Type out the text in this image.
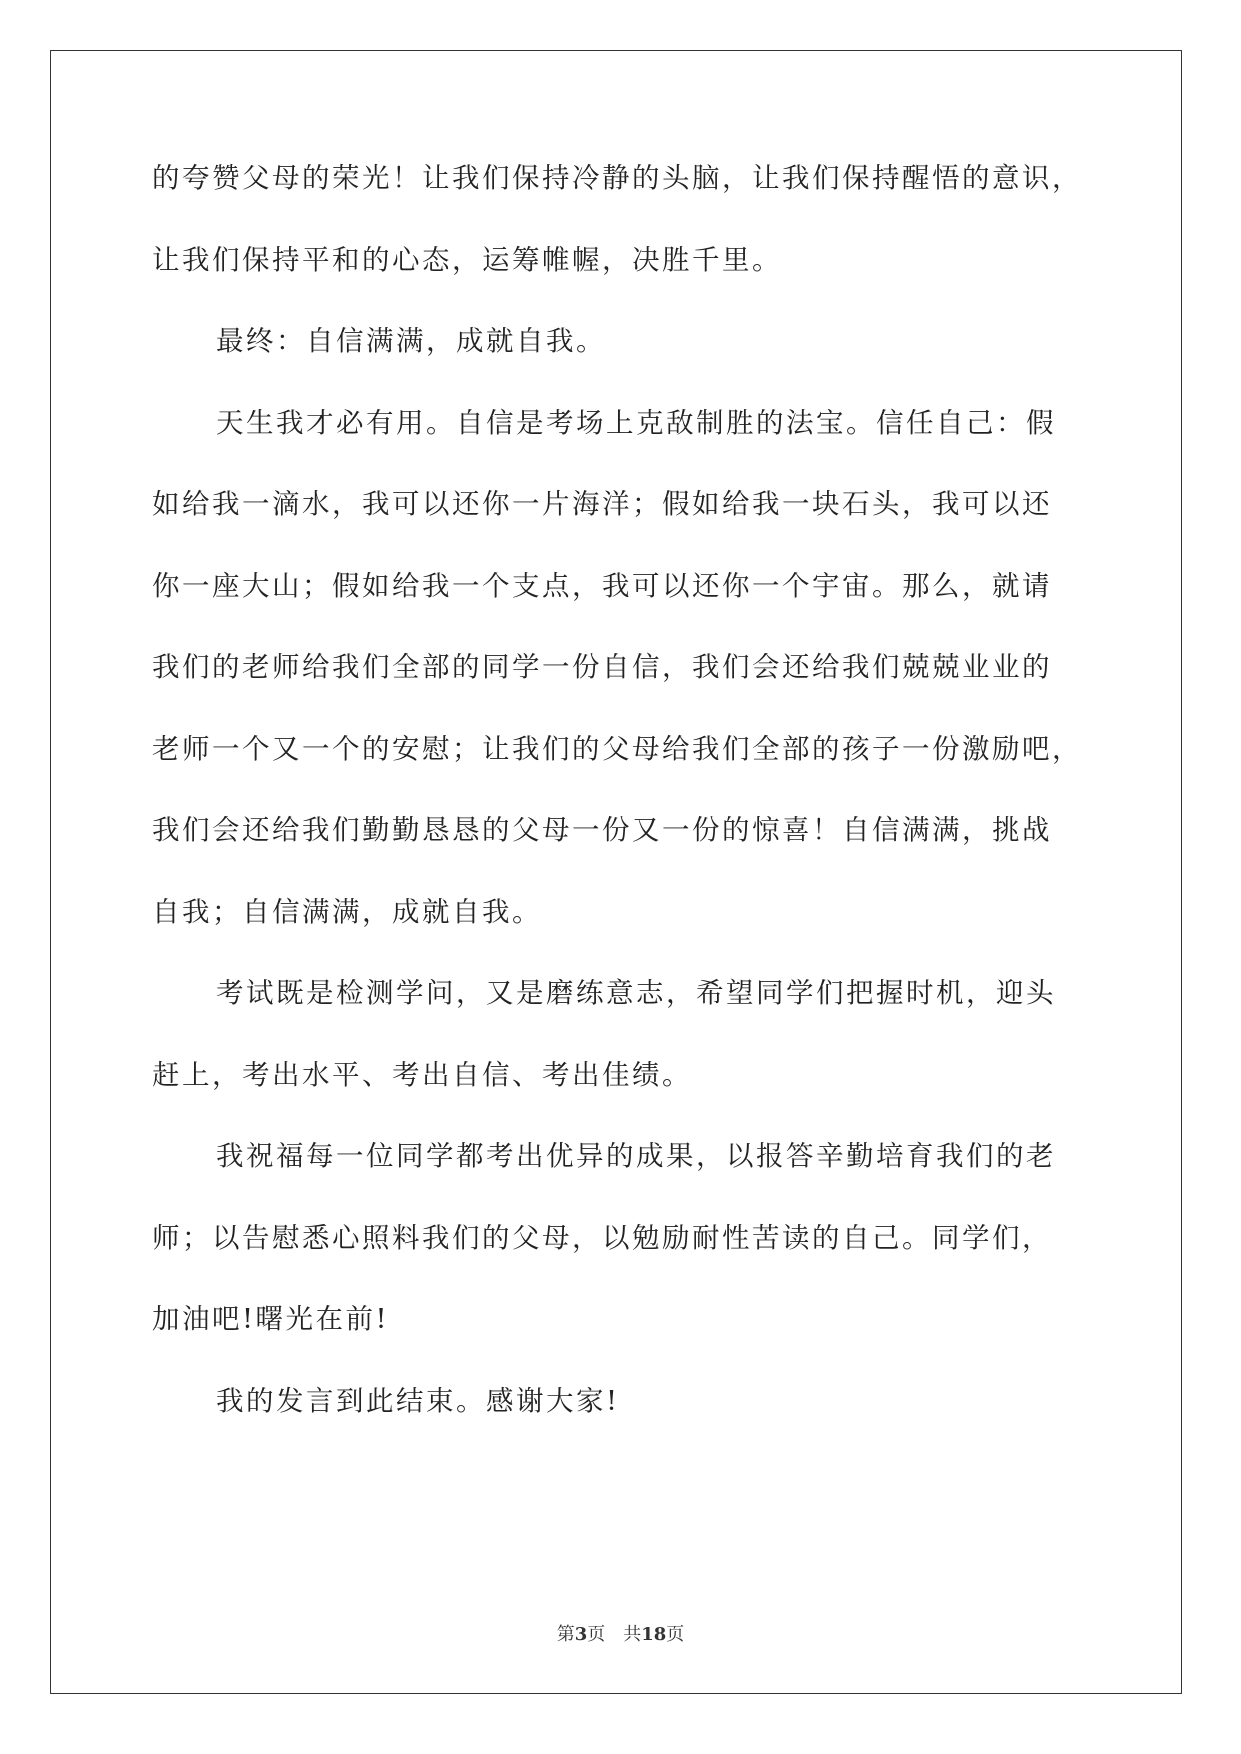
的夸赞父母的荣光！让我们保持冷静的头脑，让我们保持醒悟的意识，
让我们保持平和的心态，运筹帷幄，决胜千里。
最终：自信满满，成就自我。
天生我才必有用。自信是考场上克敌制胜的法宝。信任自己：假
如给我一滴水，我可以还你一片海洋；假如给我一块石头，我可以还
你一座大山；假如给我一个支点，我可以还你一个宇宙。那么，就请
我们的老师给我们全部的同学一份自信，我们会还给我们兢兢业业的
老师一个又一个的安慰；让我们的父母给我们全部的孩子一份激励吧，
我们会还给我们勤勤恳恳的父母一份又一份的惊喜！自信满满，挑战
自我；自信满满，成就自我。
考试既是检测学问，又是磨练意志，希望同学们把握时机，迎头
赶上，考出水平、考出自信、考出佳绩。
我祝福每一位同学都考出优异的成果，以报答辛勤培育我们的老
师；以告慰悉心照料我们的父母，以勉励耐性苦读的自己。同学们，
加油吧!曙光在前!
我的发言到此结束。感谢大家!
第3页 共18页
